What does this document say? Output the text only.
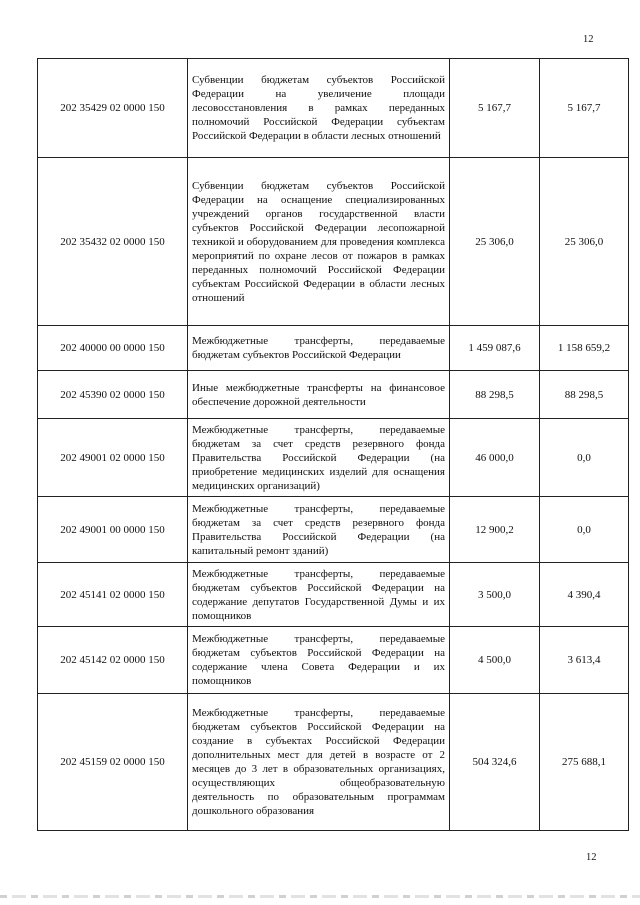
12
202 35429 02 0000 150	Субвенции бюджетам субъектов Российской Федерации на увеличение площади лесовосстановления в рамках переданных полномочий Российской Федерации субъектам Российской Федерации в области лесных отношений	5 167,7	5 167,7
202 35432 02 0000 150	Субвенции бюджетам субъектов Российской Федерации на оснащение специализированных учреждений органов государственной власти субъектов Российской Федерации лесопожарной техникой и оборудованием для проведения комплекса мероприятий по охране лесов от пожаров в рамках переданных полномочий Российской Федерации субъектам Российской Федерации в области лесных отношений	25 306,0	25 306,0
202 40000 00 0000 150	Межбюджетные трансферты, передаваемые бюджетам субъектов Российской Федерации	1 459 087,6	1 158 659,2
202 45390 02 0000 150	Иные межбюджетные трансферты на финансовое обеспечение дорожной деятельности	88 298,5	88 298,5
202 49001 02 0000 150	Межбюджетные трансферты, передаваемые бюджетам за счет средств резервного фонда Правительства Российской Федерации (на приобретение медицинских изделий для оснащения медицинских организаций)	46 000,0	0,0
202 49001 00 0000 150	Межбюджетные трансферты, передаваемые бюджетам за счет средств резервного фонда Правительства Российской Федерации (на капитальный ремонт зданий)	12 900,2	0,0
202 45141 02 0000 150	Межбюджетные трансферты, передаваемые бюджетам субъектов Российской Федерации на содержание депутатов Государственной Думы и их помощников	3 500,0	4 390,4
202 45142 02 0000 150	Межбюджетные трансферты, передаваемые бюджетам субъектов Российской Федерации на содержание члена Совета Федерации и их помощников	4 500,0	3 613,4
202 45159 02 0000 150	Межбюджетные трансферты, передаваемые бюджетам субъектов Российской Федерации на создание в субъектах Российской Федерации дополнительных мест для детей в возрасте от 2 месяцев до 3 лет в образовательных организациях, осуществляющих общеобразовательную деятельность по образовательным программам дошкольного образования	504 324,6	275 688,1
12
